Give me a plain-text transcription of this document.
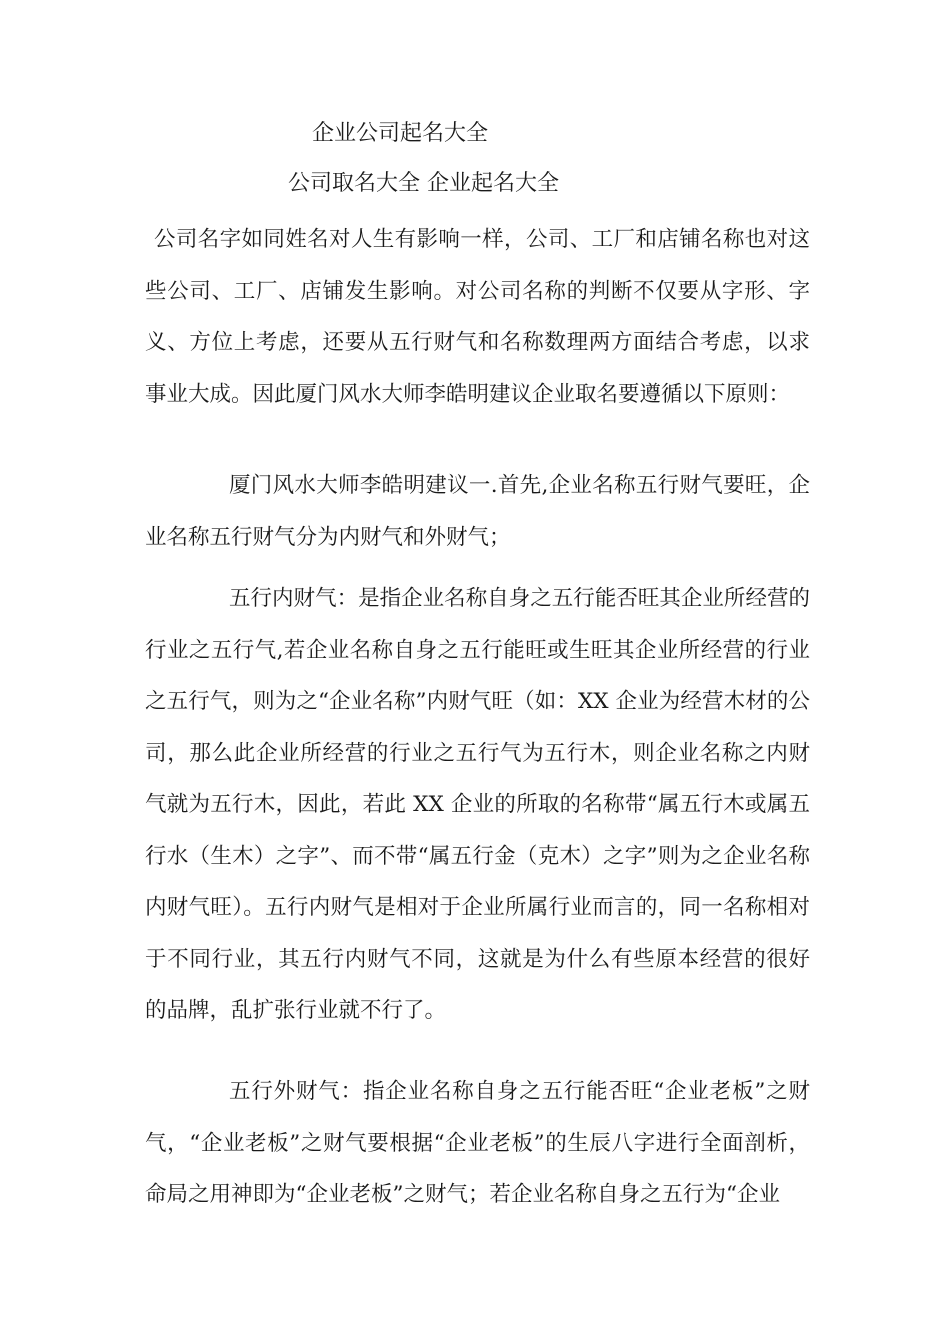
企业公司起名大全
公司取名大全 企业起名大全
公司名字如同姓名对人生有影响一样，公司、工厂和店铺名称也对这些公司、工厂、店铺发生影响。对公司名称的判断不仅要从字形、字义、方位上考虑，还要从五行财气和名称数理两方面结合考虑，以求事业大成。因此厦门风水大师李皓明建议企业取名要遵循以下原则：
厦门风水大师李皓明建议一.首先,企业名称五行财气要旺，企业名称五行财气分为内财气和外财气；
五行内财气：是指企业名称自身之五行能否旺其企业所经营的行业之五行气,若企业名称自身之五行能旺或生旺其企业所经营的行业之五行气，则为之“企业名称”内财气旺（如：XX 企业为经营木材的公司，那么此企业所经营的行业之五行气为五行木，则企业名称之内财气就为五行木，因此，若此 XX 企业的所取的名称带“属五行木或属五行水（生木）之字”、而不带“属五行金（克木）之字”则为之企业名称内财气旺）。五行内财气是相对于企业所属行业而言的，同一名称相对于不同行业，其五行内财气不同，这就是为什么有些原本经营的很好的品牌，乱扩张行业就不行了。
五行外财气：指企业名称自身之五行能否旺“企业老板”之财气，“企业老板”之财气要根据“企业老板”的生辰八字进行全面剖析，命局之用神即为“企业老板”之财气；若企业名称自身之五行为“企业
